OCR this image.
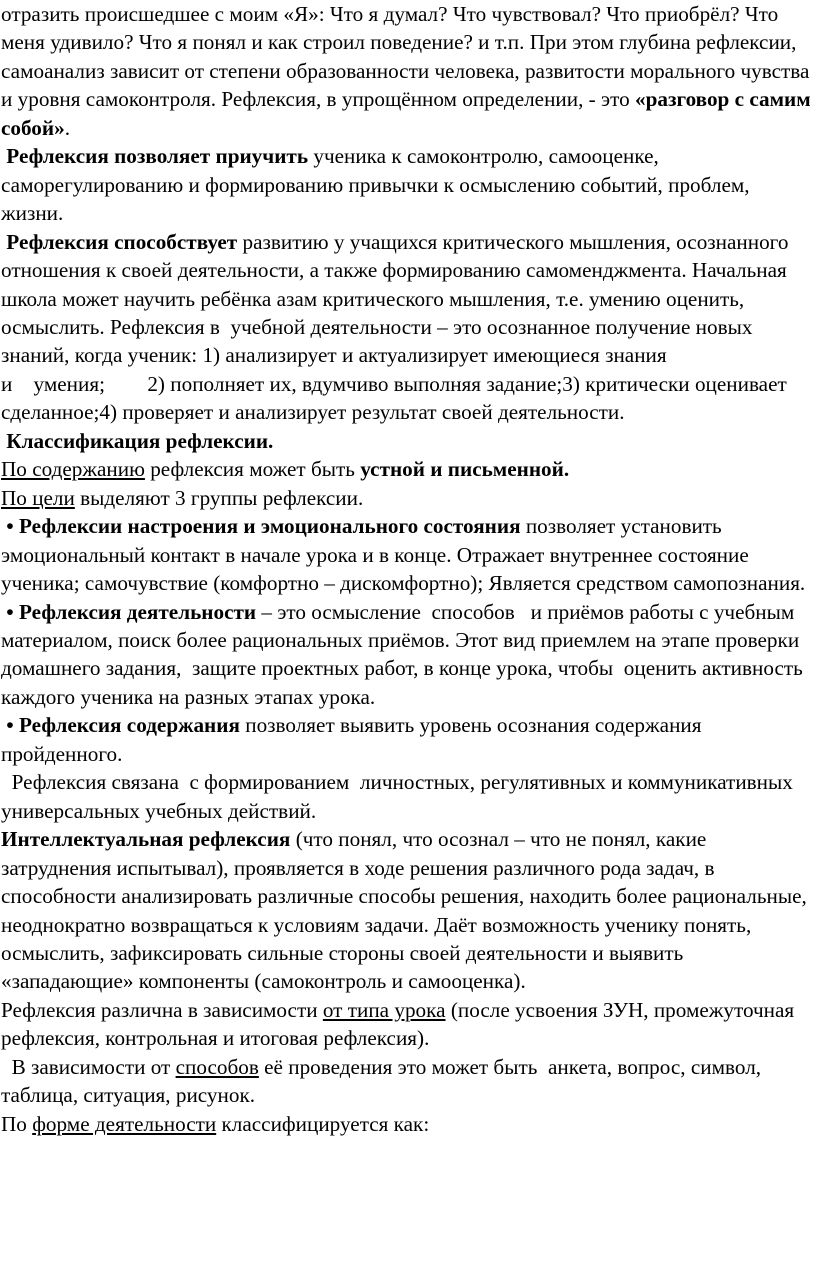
отразить происшедшее с моим «Я»: Что я думал? Что чувствовал? Что приобрёл? Что меня удивило? Что я понял и как строил поведение? и т.п. При этом глубина рефлексии, самоанализ зависит от степени образованности человека, развитости морального чувства и уровня самоконтроля. Рефлексия, в упрощённом определении, - это «разговор с самим собой».

Рефлексия позволяет приучить ученика к самоконтролю, самооценке, саморегулированию и формированию привычки к осмыслению событий, проблем, жизни.

Рефлексия способствует развитию у учащихся критического мышления, осознанного отношения к своей деятельности, а также формированию самоменджмента. Начальная школа может научить ребёнка азам критического мышления, т.е. умению оценить, осмыслить. Рефлексия в  учебной деятельности – это осознанное получение новых знаний, когда ученик: 1) анализирует и актуализирует имеющиеся знания

и    умения;        2) пополняет их, вдумчиво выполняя задание;3) критически оценивает сделанное;4) проверяет и анализирует результат своей деятельности.

Классификация рефлексии.

По содержанию рефлексия может быть устной и письменной.

По цели выделяют 3 группы рефлексии.

• Рефлексии настроения и эмоционального состояния позволяет установить эмоциональный контакт в начале урока и в конце. Отражает внутреннее состояние ученика; самочувствие (комфортно – дискомфортно); Является средством самопознания.

• Рефлексия деятельности – это осмысление  способов   и приёмов работы с учебным материалом, поиск более рациональных приёмов. Этот вид приемлем на этапе проверки домашнего задания,  защите проектных работ, в конце урока, чтобы  оценить активность каждого ученика на разных этапах урока.

• Рефлексия содержания позволяет выявить уровень осознания содержания пройденного.

Рефлексия связана  с формированием  личностных, регулятивных и коммуникативных универсальных учебных действий.

Интеллектуальная рефлексия (что понял, что осознал – что не понял, какие затруднения испытывал), проявляется в ходе решения различного рода задач, в способности анализировать различные способы решения, находить более рациональные, неоднократно возвращаться к условиям задачи. Даёт возможность ученику понять, осмыслить, зафиксировать сильные стороны своей деятельности и выявить «западающие» компоненты (самоконтроль и самооценка).

Рефлексия различна в зависимости от типа урока (после усвоения ЗУН, промежуточная рефлексия, контрольная и итоговая рефлексия).

В зависимости от способов её проведения это может быть  анкета, вопрос, символ, таблица, ситуация, рисунок.

По форме деятельности классифицируется как:
